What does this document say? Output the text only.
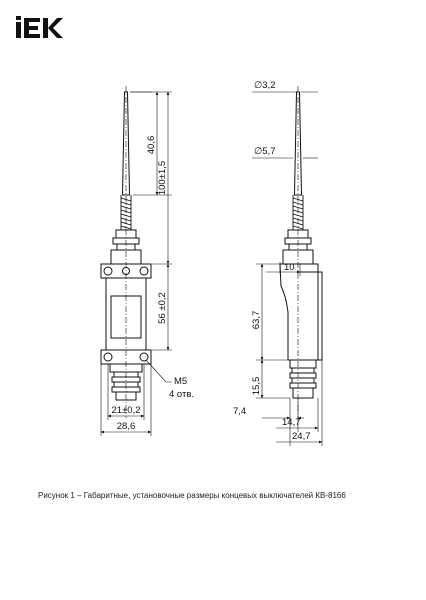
40,6
100±1,5
56 ±0,2
21±0,2
28,6
M5
4 отв.
∅3,2
∅5,7
10
63,7
15,5
7,4
14,7
24,7
Рисунок 1 – Габаритные, установочные размеры концевых выключателей КВ-8166
